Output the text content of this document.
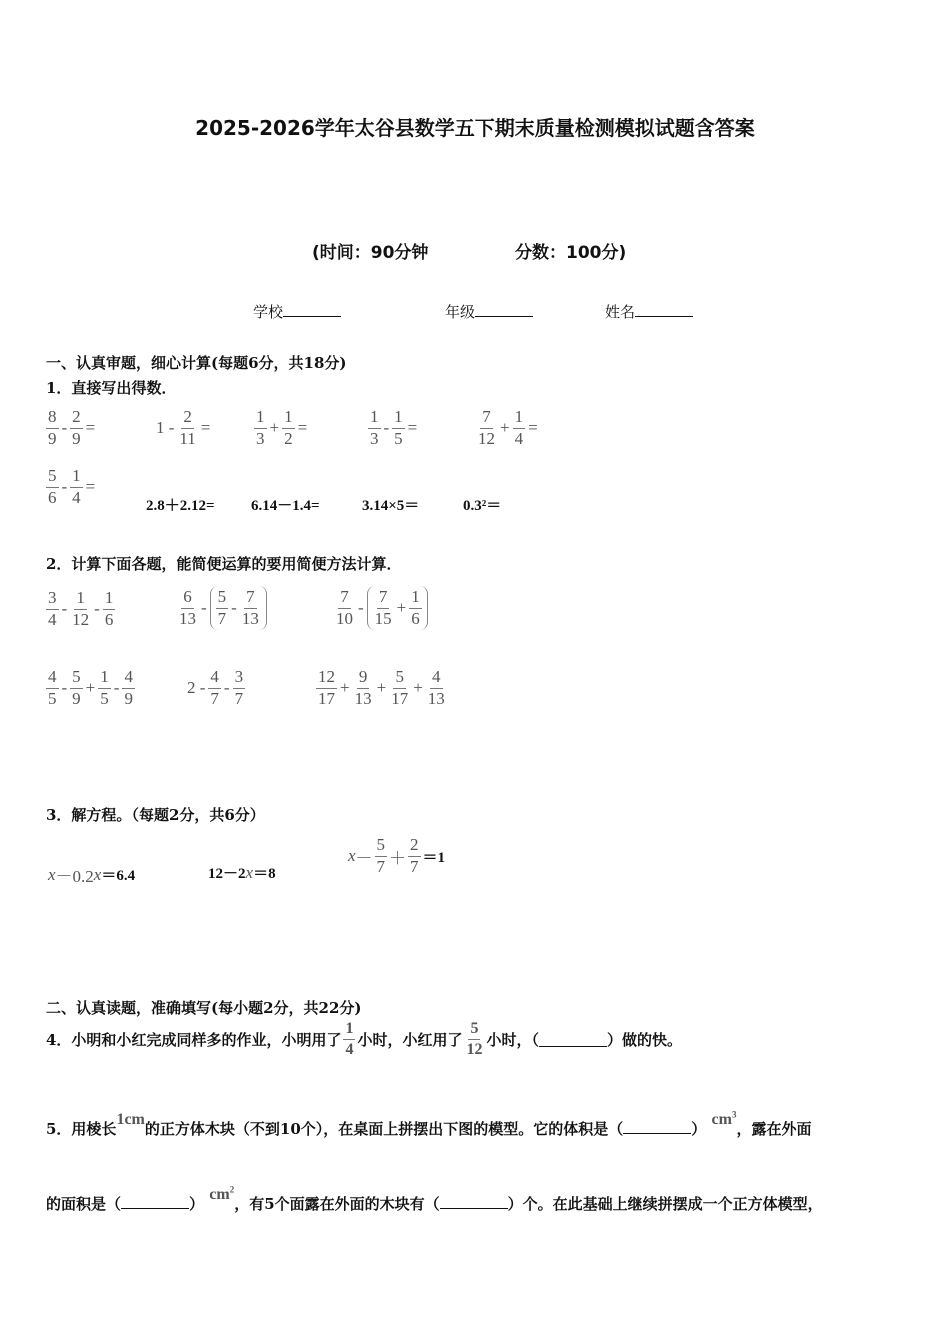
2025-2026学年太谷县数学五下期末质量检测模拟试题含答案
(时间：90分钟	分数：100分)
学校	年级	姓名
一、认真审题，细心计算(每题6分，共18分)
1．直接写出得数．
$\frac{8}{9} - \frac{2}{9}$ =	$1 - \frac{2}{11}$ =	$\frac{1}{3} + \frac{1}{2}$ =	$\frac{1}{3} - \frac{1}{5}$ =	$\frac{7}{12} + \frac{1}{4}$ =
$\frac{5}{6} - \frac{1}{4}$ =
2.8＋2.12= 6.14－1.4=	3.14×5＝	0.3²＝
2．计算下面各题，能简便运算的要用简便方法计算．
$\frac{3}{4} - \frac{1}{12} - \frac{1}{6}$	$\frac{6}{13} - \frac{5}{7} - \frac{7}{13}$	$\frac{7}{10} - \frac{7}{15} + \frac{1}{6}$
$\frac{4}{5} - \frac{5}{9} + \frac{1}{5} - \frac{4}{9}$	$2 - \frac{4}{7} - \frac{3}{7}$	$\frac{12}{17} + \frac{9}{13} + \frac{5}{17} + \frac{4}{13}$
3．解方程。（每题2分，共6分）
x －0.2 x ＝6.4	12－2 x ＝8
$x - \frac{5}{7} + \frac{2}{7} =1$
二、认真读题，准确填写(每小题2分，共22分)
4．小明和小红完成同样多的作业，小明用了 $\frac{1}{4}$ 小时，小红用了 $\frac{5}{12}$ 小时，（	）做的快。
5．用棱长1cm的正方体木块（不到10个），在桌面上拼摆出下图的模型。它的体积是（	） $cm^3$，露在外面
的面积是（	） $cm^2$，有5个面露在外面的木块有（	）个。在此基础上继续拼摆成一个正方体模型，
